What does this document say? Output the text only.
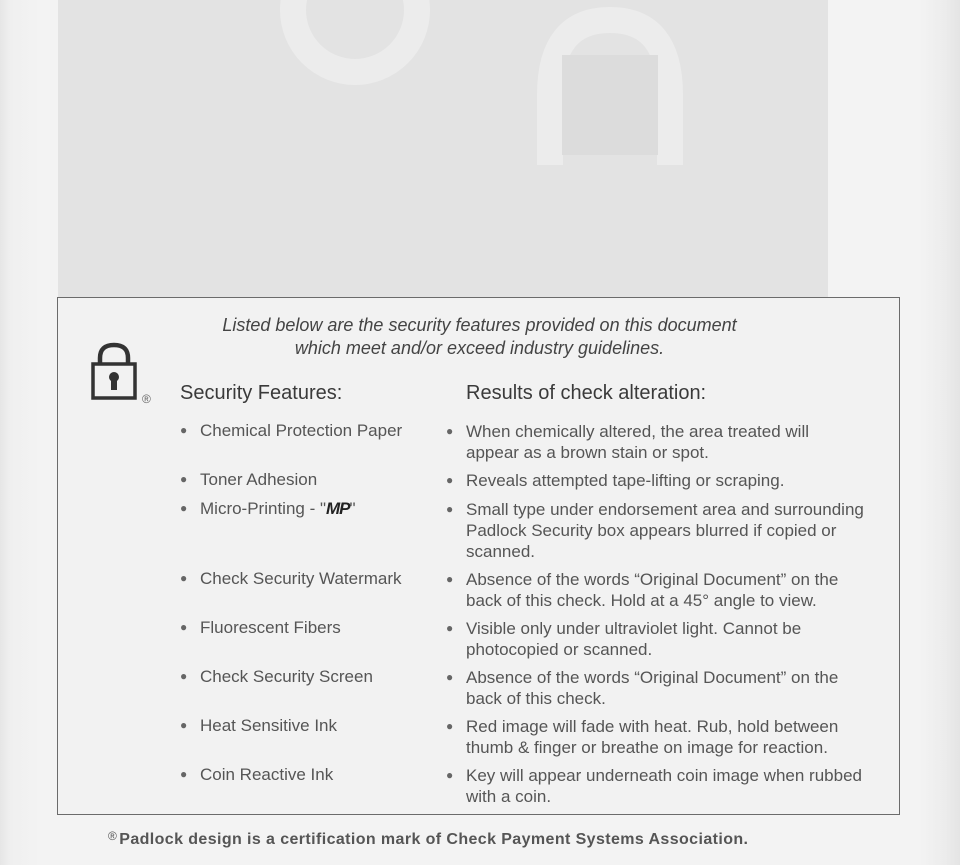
Listed below are the security features provided on this document
which meet and/or exceed industry guidelines.
® Security Features:	Results of check alteration:
● Chemical Protection Paper	● When chemically altered, the area treated will appear as a brown stain or spot.
● Toner Adhesion	● Reveals attempted tape-lifting or scraping.
● Micro-Printing - "MP"	● Small type under endorsement area and surrounding Padlock Security box appears blurred if copied or scanned.
● Check Security Watermark	● Absence of the words “Original Document” on the back of this check. Hold at a 45° angle to view.
● Fluorescent Fibers	● Visible only under ultraviolet light. Cannot be photocopied or scanned.
● Check Security Screen	● Absence of the words “Original Document” on the back of this check.
● Heat Sensitive Ink	● Red image will fade with heat. Rub, hold between thumb & finger or breathe on image for reaction.
● Coin Reactive Ink	● Key will appear underneath coin image when rubbed with a coin.
® Padlock design is a certification mark of Check Payment Systems Association.
